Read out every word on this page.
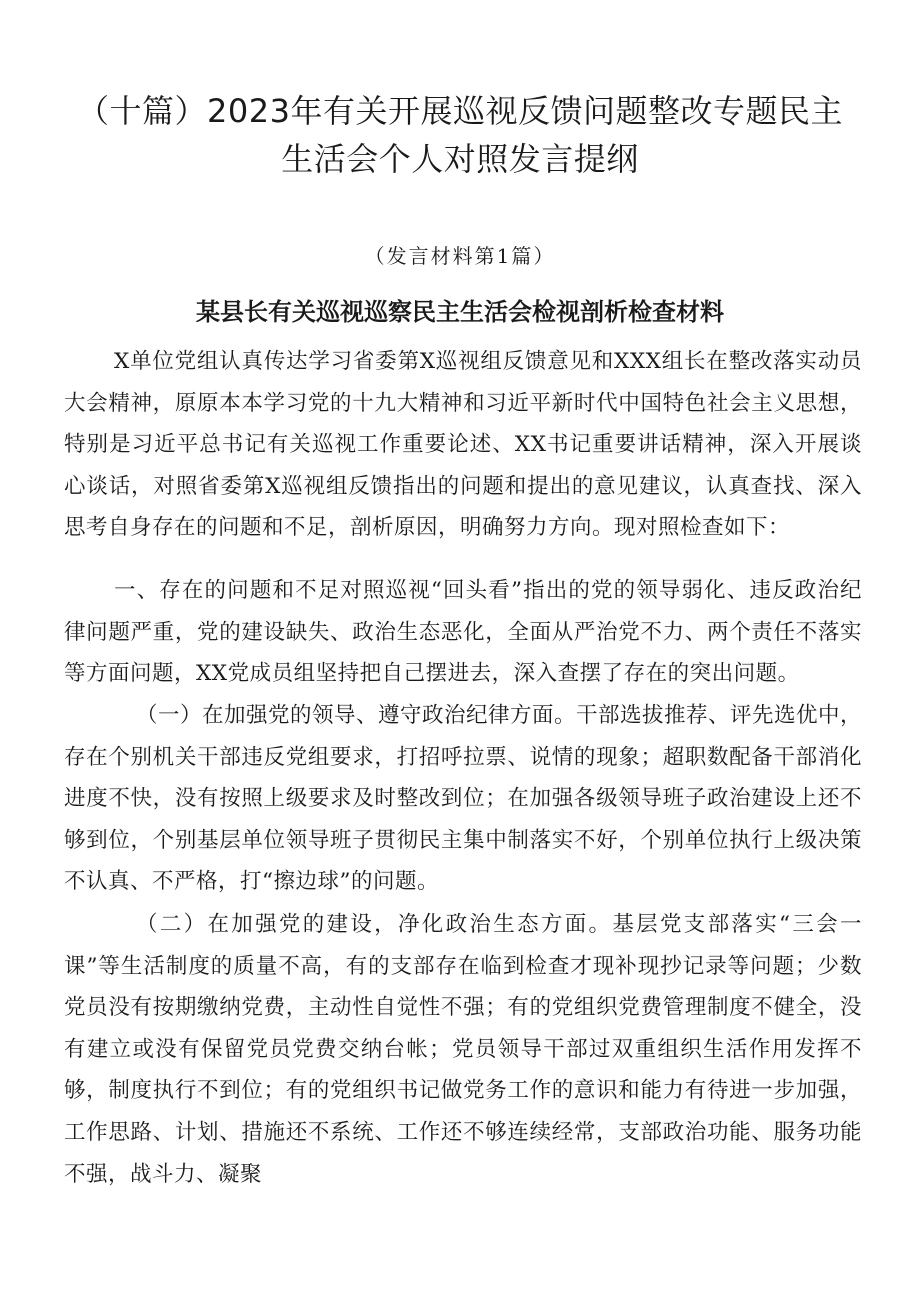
（十篇）2023年有关开展巡视反馈问题整改专题民主
生活会个人对照发言提纲

（发言材料第1篇）

某县长有关巡视巡察民主生活会检视剖析检查材料

X单位党组认真传达学习省委第X巡视组反馈意见和XXX组长在整改落实动员大会精神，原原本本学习党的十九大精神和习近平新时代中国特色社会主义思想，特别是习近平总书记有关巡视工作重要论述、XX书记重要讲话精神，深入开展谈心谈话，对照省委第X巡视组反馈指出的问题和提出的意见建议，认真查找、深入思考自身存在的问题和不足，剖析原因，明确努力方向。现对照检查如下：

一、存在的问题和不足对照巡视“回头看”指出的党的领导弱化、违反政治纪律问题严重，党的建设缺失、政治生态恶化，全面从严治党不力、两个责任不落实等方面问题，XX党成员组坚持把自己摆进去，深入查摆了存在的突出问题。

（一）在加强党的领导、遵守政治纪律方面。干部选拔推荐、评先选优中，存在个别机关干部违反党组要求，打招呼拉票、说情的现象；超职数配备干部消化进度不快，没有按照上级要求及时整改到位；在加强各级领导班子政治建设上还不够到位，个别基层单位领导班子贯彻民主集中制落实不好，个别单位执行上级决策不认真、不严格，打“擦边球”的问题。

（二）在加强党的建设，净化政治生态方面。基层党支部落实“三会一课”等生活制度的质量不高，有的支部存在临到检查才现补现抄记录等问题；少数党员没有按期缴纳党费，主动性自觉性不强；有的党组织党费管理制度不健全，没有建立或没有保留党员党费交纳台帐；党员领导干部过双重组织生活作用发挥不够，制度执行不到位；有的党组织书记做党务工作的意识和能力有待进一步加强，工作思路、计划、措施还不系统、工作还不够连续经常，支部政治功能、服务功能不强，战斗力、凝聚
